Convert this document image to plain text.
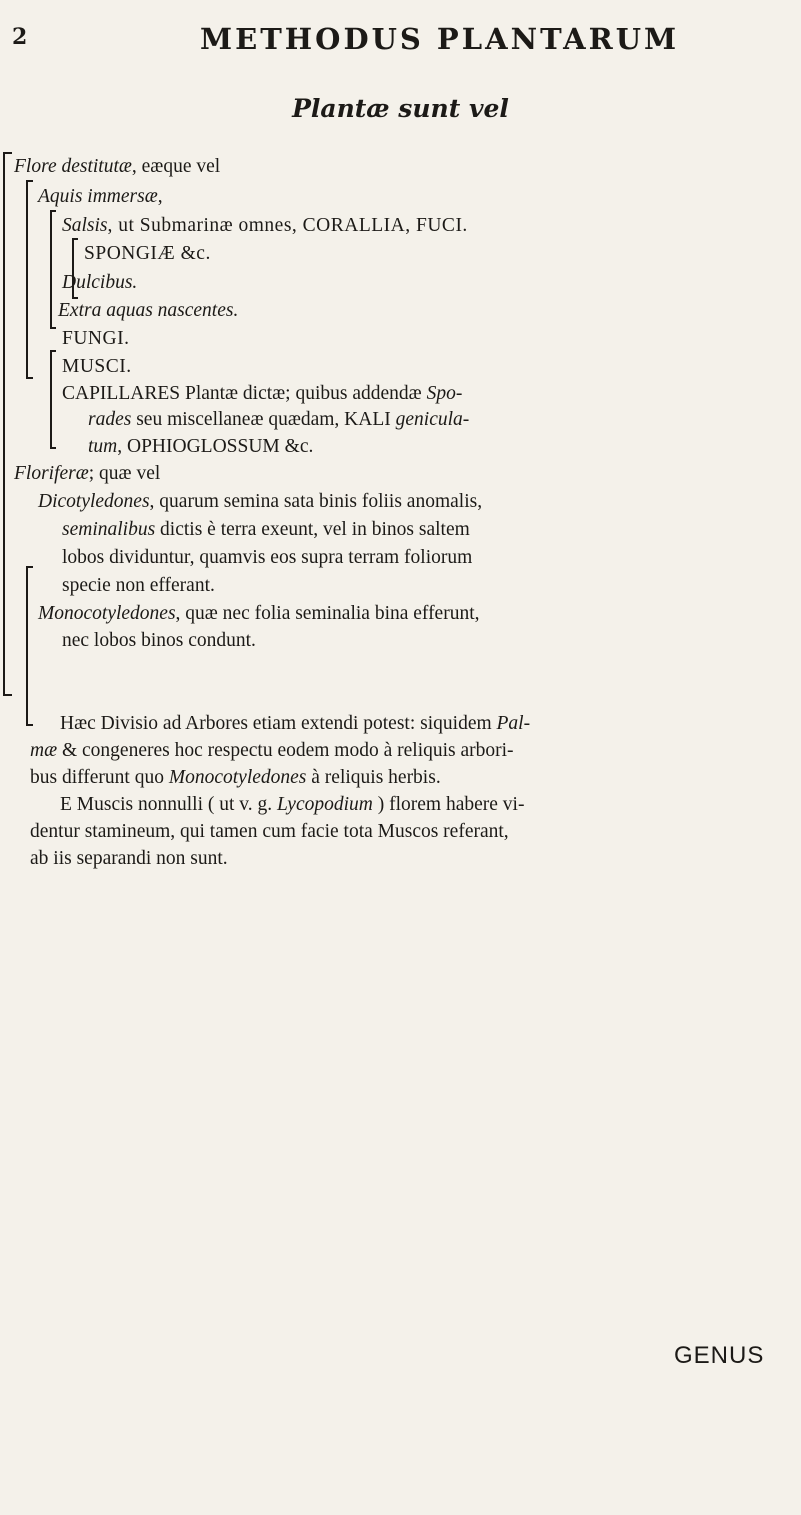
2	METHODUS PLANTARUM
Plantæ sunt vel
Flore destitutæ, eæque vel
Aquis immersæ,
Salsis, ut Submarinæ omnes, CORALLIA, FUCI.
SPONGIÆ &c.
Dulcibus.
Extra aquas nascentes.
FUNGI.
MUSCI.
CAPILLARES Plantæ dictæ; quibus addendæ Spo-
rades seu miscellaneæ quædam, KALI genicula-
tum, OPHIOGLOSSUM &c.
Floriferæ; quæ vel
Dicotyledones, quarum semina sata binis foliis anomalis,
seminalibus dictis è terra exeunt, vel in binos saltem
lobos dividuntur, quamvis eos supra terram foliorum
specie non efferant.
Monocotyledones, quæ nec folia seminalia bina efferunt,
nec lobos binos condunt.
Hæc Divisio ad Arbores etiam extendi potest: siquidem Pal-
mæ & congeneres hoc respectu eodem modo à reliquis arbori-
bus differunt quo Monocotyledones à reliquis herbis.
E Muscis nonnulli ( ut v. g. Lycopodium ) florem habere vi-
dentur stamineum, qui tamen cum facie tota Muscos referant,
ab iis separandi non sunt.
GENUS
